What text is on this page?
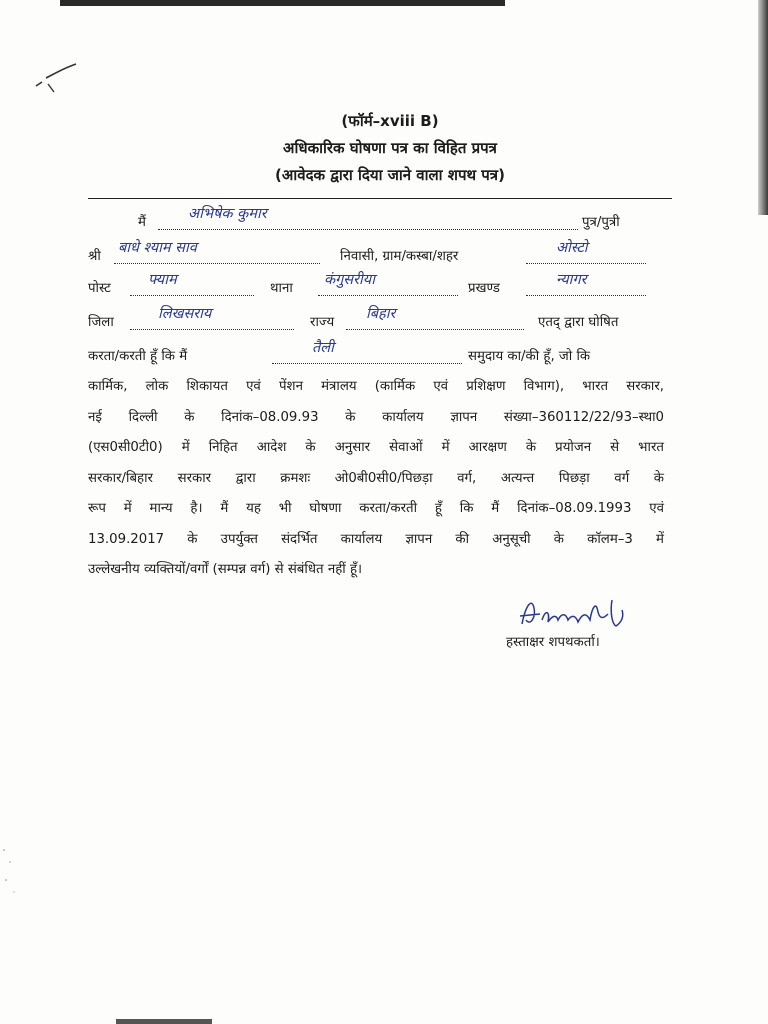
(फॉर्म–xviii B)
अधिकारिक घोषणा पत्र का विहित प्रपत्र
(आवेदक द्वारा दिया जाने वाला शपथ पत्र)
मैं
अभिषेक कुमार
पुत्र/पुत्री
श्री
बाधे श्याम साव
निवासी, ग्राम/कस्बा/शहर
ओस्टो
पोस्ट
फ्याम
थाना
कंगुसरीया
प्रखण्ड
न्यागर
जिला
लिखसराय
राज्य
बिहार
एतद् द्वारा घोषित
करता/करती हूँ कि मैं
तैली
समुदाय का/की हूँ, जो कि
कार्मिक, लोक शिकायत एवं पेंशन मंत्रालय (कार्मिक एवं प्रशिक्षण विभाग), भारत सरकार,
नई दिल्ली के दिनांक–08.09.93 के कार्यालय ज्ञापन संख्या–360112/22/93–स्था0
(एस0सी0टी0) में निहित आदेश के अनुसार सेवाओं में आरक्षण के प्रयोजन से भारत
सरकार/बिहार सरकार द्वारा क्रमशः ओ0बी0सी0/पिछड़ा वर्ग, अत्यन्त पिछड़ा वर्ग के
रूप में मान्य है। मैं यह भी घोषणा करता/करती हूँ कि मैं दिनांक–08.09.1993 एवं
13.09.2017 के उपर्युक्त संदर्भित कार्यालय ज्ञापन की अनुसूची के कॉलम–3 में
उल्लेखनीय व्यक्तियों/वर्गों (सम्पन्न वर्ग) से संबंधित नहीं हूँ।
हस्ताक्षर शपथकर्ता।
